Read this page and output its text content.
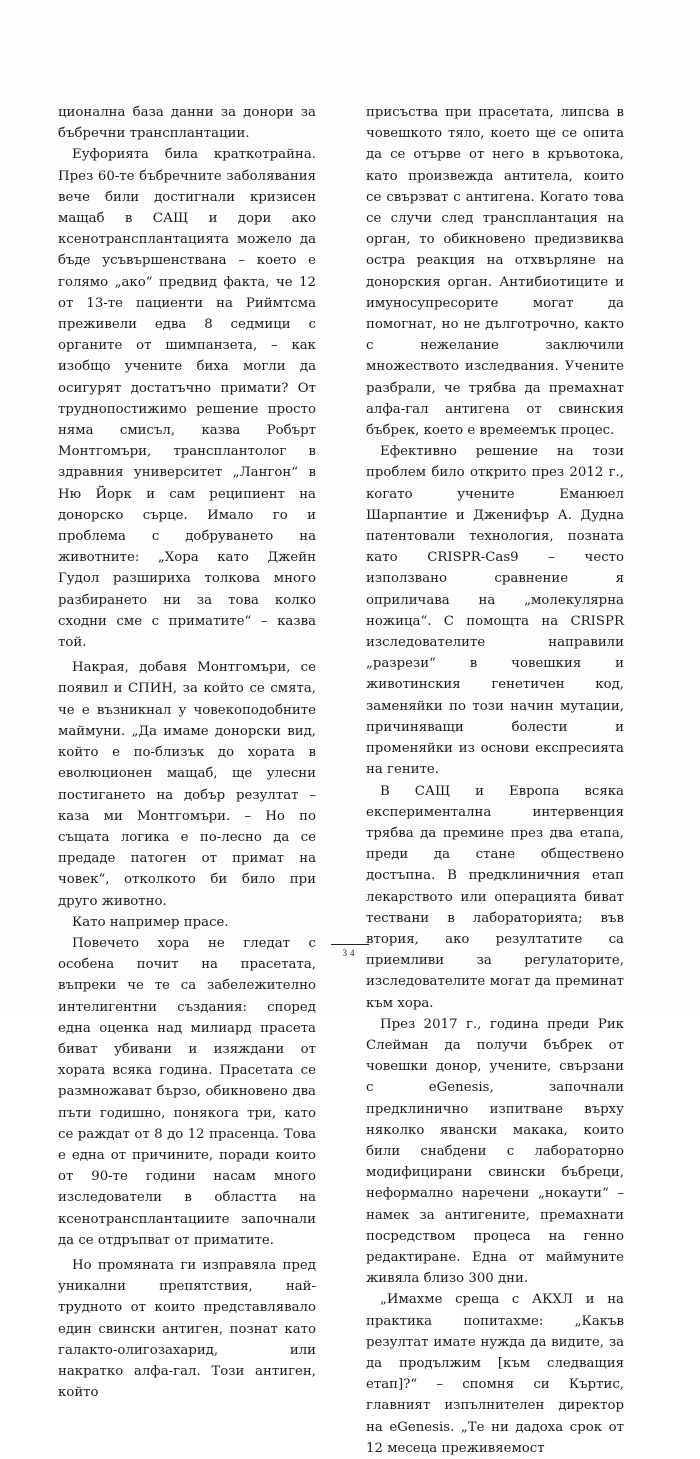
ционална база данни за донори за бъбречни трансплантации.

Еуфорията била краткотрайна. През 60-те бъбречните заболявания вече били достигнали кризисен мащаб в САЩ и дори ако ксенотрансплантацията можело да бъде усъвършенствана – което е голямо „ако“ предвид факта, че 12 от 13-те пациенти на Риймтсма преживели едва 8 седмици с органите от шимпанзета, – как изобщо учените биха могли да осигурят достатъчно примати? От труднопостижимо решение просто няма смисъл, казва Робърт Монтгомъри, трансплантолог в здравния университет „Лангон“ в Ню Йорк и сам реципиент на донорско сърце. Имало го и проблема с добруването на животните: „Хора като Джейн Гудол разшириха толкова много разбирането ни за това колко сходни сме с приматите“ – казва той.

Накрая, добавя Монтгомъри, се появил и СПИН, за който се смята, че е възникнал у човекоподобните маймуни. „Да имаме донорски вид, който е по-близък до хората в еволюционен мащаб, ще улесни постигането на добър резултат – каза ми Монтгомъри. – Но по същата логика е по-лесно да се предаде патоген от примат на човек“, отколкото би било при друго животно.

Като например прасе.

Повечето хора не гледат с особена почит на прасетата, въпреки че те са забележително интелигентни създания: според една оценка над милиард прасета биват убивани и изяждани от хората всяка година. Прасетата се размножават бързо, обикновено два пъти годишно, понякога три, като се раждат от 8 до 12 прасенца. Това е една от причините, поради които от 90-те години насам много изследователи в областта на ксенотрансплантациите започнали да се отдръпват от приматите.

Но промяната ги изправяла пред уникални препятствия, най-трудното от които представлявало един свински антиген, познат като галакто-олигозахарид, или накратко алфа-гал. Този антиген, който

присъства при прасетата, липсва в човешкото тяло, което ще се опита да се отърве от него в кръвотока, като произвежда антитела, които се свързват с антигена. Когато това се случи след трансплантация на орган, то обикновено предизвиква остра реакция на отхвърляне на донорския орган. Антибиотиците и имуносупресорите могат да помогнат, но не дълготрочно, както с нежелание заключили множеството изследвания. Учените разбрали, че трябва да премахнат алфа-гал антигена от свинския бъбрек, което е времеемък процес.

Ефективно решение на този проблем било открито през 2012 г., когато учените Еманюел Шарпантие и Дженифър А. Дудна патентовали технология, позната като CRISPR-Cas9 – често използвано сравнение я оприличава на „молекулярна ножица“. С помощта на CRISPR изследователите направили „разрези“ в човешкия и животинския генетичен код, заменяйки по този начин мутации, причиняващи болести и променяйки из основи експресията на гените.

В САЩ и Европа всяка експериментална интервенция трябва да премине през два етапа, преди да стане обществено достъпна. В предклиничния етап лекарството или операцията биват тествани в лабораторията; във втория, ако резултатите са приемливи за регулаторите, изследователите могат да преминат към хора.

През 2017 г., година преди Рик Слейман да получи бъбрек от човешки донор, учените, свързани с eGenesis, започнали предклинично изпитване върху няколко явански макака, които били снабдени с лабораторно модифицирани свински бъбреци, неформално наречени „нокаути“ – намек за антигените, премахнати посредством процеса на генно редактиране. Една от маймуните живяла близо 300 дни.

„Имахме среща с АКХЛ и на практика попитахме: „Какъв резултат имате нужда да видите, за да продължим [към следващия етап]?“ – спомня си Къртис, главният изпълнителен директор на eGenesis. „Те ни дадоха срок от 12 месеца преживяемост

34
